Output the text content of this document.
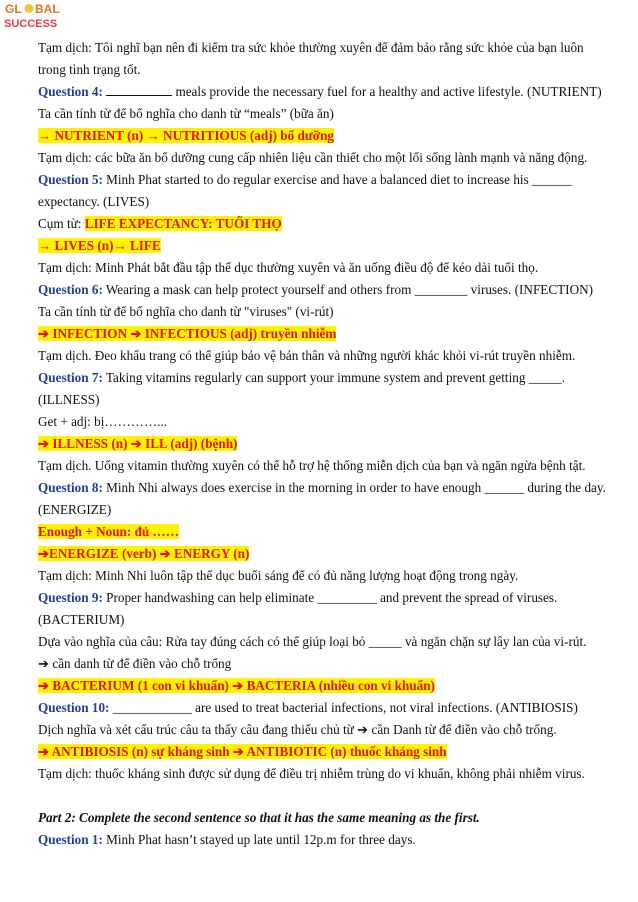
GL BAL
SUCCESS
Tạm dịch: Tôi nghĩ bạn nên đi kiểm tra sức khỏe thường xuyên để đảm bảo rằng sức khỏe của bạn luôn
trong tình trạng tốt.
Question 4:	meals provide the necessary fuel for a healthy and active lifestyle. (NUTRIENT)
Ta cần tính từ để bổ nghĩa cho danh từ “meals” (bữa ăn)
→ NUTRIENT (n) → NUTRITIOUS (adj) bổ dưỡng
Tạm dịch: các bữa ăn bổ dưỡng cung cấp nhiên liệu cần thiết cho một lối sống lành mạnh và năng động.
Question 5: Minh Phat started to do regular exercise and have a balanced diet to increase his ______
expectancy. (LIVES)
Cụm từ: LIFE EXPECTANCY: TUỔI THỌ
→ LIVES (n)→ LIFE
Tạm dịch: Minh Phát bắt đầu tập thể dục thường xuyên và ăn uống điều độ để kéo dài tuổi thọ.
Question 6: Wearing a mask can help protect yourself and others from ________ viruses. (INFECTION)
Ta cần tính từ để bổ nghĩa cho danh từ "viruses" (vi-rút)
➔ INFECTION ➔ INFECTIOUS (adj) truyền nhiễm
Tạm dịch. Đeo khẩu trang có thể giúp bảo vệ bản thân và những người khác khỏi vi-rút truyền nhiễm.
Question 7: Taking vitamins regularly can support your immune system and prevent getting _____.
(ILLNESS)
Get + adj: bị…………...
➔ ILLNESS (n) ➔ ILL (adj) (bệnh)
Tạm dịch. Uống vitamin thường xuyên có thể hỗ trợ hệ thống miễn dịch của bạn và ngăn ngừa bệnh tật.
Question 8: Minh Nhi always does exercise in the morning in order to have enough ______ during the day.
(ENERGIZE)
Enough + Noun: đủ ……
➔ENERGIZE (verb) ➔ ENERGY (n)
Tạm dịch: Minh Nhi luôn tập thể dục buổi sáng để có đủ năng lượng hoạt động trong ngày.
Question 9: Proper handwashing can help eliminate _________ and prevent the spread of viruses.
(BACTERIUM)
Dựa vào nghĩa của câu: Rửa tay đúng cách có thể giúp loại bỏ _____ và ngăn chặn sự lây lan của vi-rút.
➔ cần danh từ để điền vào chỗ trống
➔ BACTERIUM (1 con vi khuẩn) ➔ BACTERIA (nhiều con vi khuẩn)
Question 10: ____________ are used to treat bacterial infections, not viral infections. (ANTIBIOSIS)
Dịch nghĩa và xét cấu trúc câu ta thấy câu đang thiếu chủ từ ➔ cần Danh từ để điền vào chỗ trống.
➔ ANTIBIOSIS (n) sự kháng sinh ➔ ANTIBIOTIC (n) thuốc kháng sinh
Tạm dịch: thuốc kháng sinh được sử dụng để điều trị nhiễm trùng do vi khuẩn, không phải nhiễm virus.
Part 2: Complete the second sentence so that it has the same meaning as the first.
Question 1: Minh Phat hasn’t stayed up late until 12p.m for three days.
